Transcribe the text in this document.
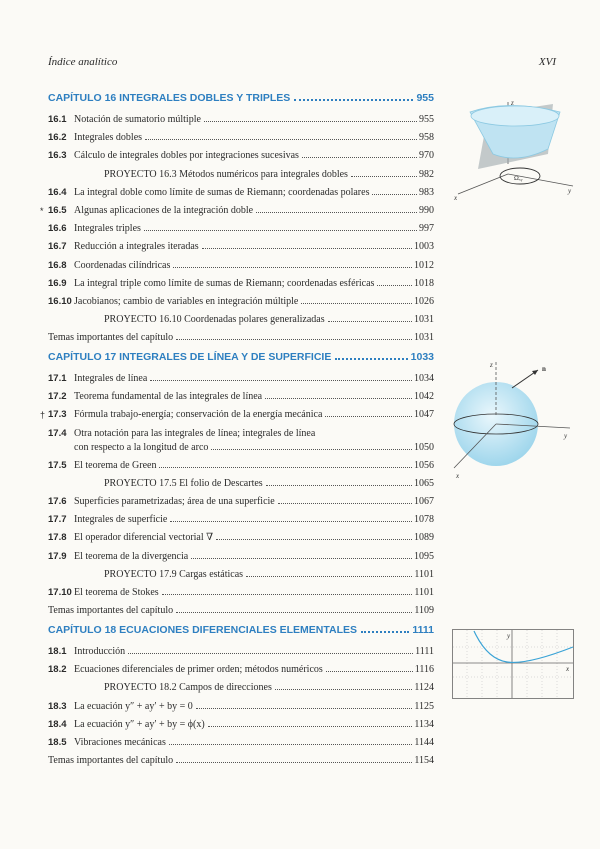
Índice analítico	XVI
CAPÍTULO 16 INTEGRALES DOBLES Y TRIPLES	955
16.1 Notación de sumatorio múltiple	955
16.2 Integrales dobles	958
16.3 Cálculo de integrales dobles por integraciones sucesivas	970
PROYECTO 16.3 Métodos numéricos para integrales dobles	982
16.4 La integral doble como límite de sumas de Riemann; coordenadas polares	983
* 16.5 Algunas aplicaciones de la integración doble	990
16.6 Integrales triples	997
16.7 Reducción a integrales iteradas	1003
16.8 Coordenadas cilíndricas	1012
16.9 La integral triple como límite de sumas de Riemann; coordenadas esféricas	1018
16.10 Jacobianos; cambio de variables en integración múltiple	1026
PROYECTO 16.10 Coordenadas polares generalizadas	1031
Temas importantes del capítulo	1031
CAPÍTULO 17 INTEGRALES DE LÍNEA Y DE SUPERFICIE	1033
17.1 Integrales de línea	1034
17.2 Teorema fundamental de las integrales de línea	1042
† 17.3 Fórmula trabajo-energía; conservación de la energía mecánica	1047
17.4 Otra notación para las integrales de línea; integrales de línea
con respecto a la longitud de arco	1050
17.5 El teorema de Green	1056
PROYECTO 17.5 El folio de Descartes	1065
17.6 Superficies parametrizadas; área de una superficie	1067
17.7 Integrales de superficie	1078
17.8 El operador diferencial vectorial ∇	1089
17.9 El teorema de la divergencia	1095
PROYECTO 17.9 Cargas estáticas	1101
17.10 El teorema de Stokes	1101
Temas importantes del capítulo	1109
CAPÍTULO 18 ECUACIONES DIFERENCIALES ELEMENTALES	1111
18.1 Introducción	1111
18.2 Ecuaciones diferenciales de primer orden; métodos numéricos	1116
PROYECTO 18.2 Campos de direcciones	1124
18.3 La ecuación y″ + ay′ + by = 0	1125
18.4 La ecuación y″ + ay′ + by = ϕ(x)	1134
18.5 Vibraciones mecánicas	1144
Temas importantes del capítulo	1154
z
y
x
Ωₓᵧ
z	n
y
x
y
x
